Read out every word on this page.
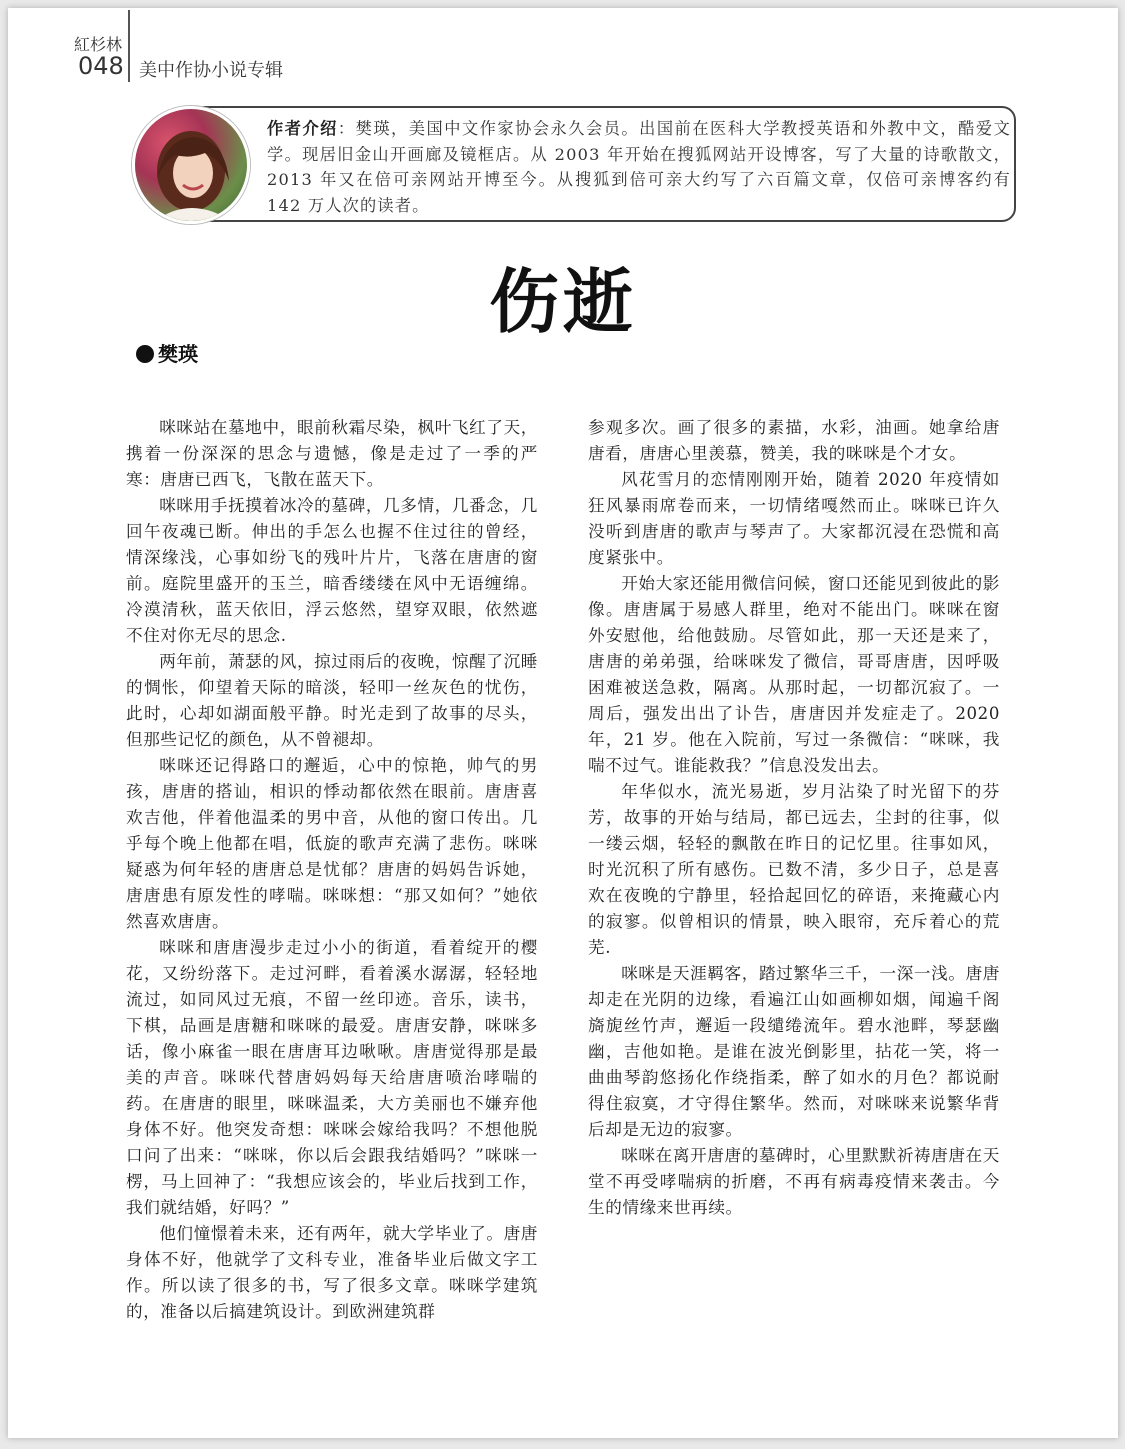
紅杉林
048 美中作协小说专辑
作者介绍：樊瑛，美国中文作家协会永久会员。出国前在医科大学教授英语和外教中文，酷爱文学。现居旧金山开画廊及镜框店。从 2003 年开始在搜狐网站开设博客，写了大量的诗歌散文，2013 年又在倍可亲网站开博至今。从搜狐到倍可亲大约写了六百篇文章，仅倍可亲博客约有 142 万人次的读者。
伤逝
樊瑛

咪咪站在墓地中，眼前秋霜尽染，枫叶飞红了天，携着一份深深的思念与遗憾，像是走过了一季的严寒：唐唐已西飞，飞散在蓝天下。

咪咪用手抚摸着冰冷的墓碑，几多情，几番念，几回午夜魂已断。伸出的手怎么也握不住过往的曾经，情深缘浅，心事如纷飞的残叶片片，飞落在唐唐的窗前。庭院里盛开的玉兰，暗香缕缕在风中无语缠绵。冷漠清秋，蓝天依旧，浮云悠然，望穿双眼，依然遮不住对你无尽的思念.

两年前，萧瑟的风，掠过雨后的夜晚，惊醒了沉睡的惆怅，仰望着天际的暗淡，轻叩一丝灰色的忧伤，此时，心却如湖面般平静。时光走到了故事的尽头，但那些记忆的颜色，从不曾褪却。

咪咪还记得路口的邂逅，心中的惊艳，帅气的男孩，唐唐的搭讪，相识的悸动都依然在眼前。唐唐喜欢吉他，伴着他温柔的男中音，从他的窗口传出。几乎每个晚上他都在唱，低旋的歌声充满了悲伤。咪咪疑惑为何年轻的唐唐总是忧郁？唐唐的妈妈告诉她，唐唐患有原发性的哮喘。咪咪想：“那又如何？”她依然喜欢唐唐。

咪咪和唐唐漫步走过小小的街道，看着绽开的樱花，又纷纷落下。走过河畔，看着溪水潺潺，轻轻地流过，如同风过无痕，不留一丝印迹。音乐，读书，下棋，品画是唐糖和咪咪的最爱。唐唐安静，咪咪多话，像小麻雀一眼在唐唐耳边啾啾。唐唐觉得那是最美的声音。咪咪代替唐妈妈每天给唐唐喷治哮喘的药。在唐唐的眼里，咪咪温柔，大方美丽也不嫌弃他身体不好。他突发奇想：咪咪会嫁给我吗？不想他脱口问了出来：“咪咪，你以后会跟我结婚吗？”咪咪一楞，马上回神了：“我想应该会的，毕业后找到工作，我们就结婚，好吗？”

他们憧憬着未来，还有两年，就大学毕业了。唐唐身体不好，他就学了文科专业，准备毕业后做文字工作。所以读了很多的书，写了很多文章。咪咪学建筑的，准备以后搞建筑设计。到欧洲建筑群

参观多次。画了很多的素描，水彩，油画。她拿给唐唐看，唐唐心里羡慕，赞美，我的咪咪是个才女。

风花雪月的恋情刚刚开始，随着 2020 年疫情如狂风暴雨席卷而来，一切情绪嘎然而止。咪咪已许久没听到唐唐的歌声与琴声了。大家都沉浸在恐慌和高度紧张中。

开始大家还能用微信问候，窗口还能见到彼此的影像。唐唐属于易感人群里，绝对不能出门。咪咪在窗外安慰他，给他鼓励。尽管如此，那一天还是来了，唐唐的弟弟强，给咪咪发了微信，哥哥唐唐，因呼吸困难被送急救，隔离。从那时起，一切都沉寂了。一周后，强发出出了讣告，唐唐因并发症走了。2020 年，21 岁。他在入院前，写过一条微信：“咪咪，我喘不过气。谁能救我？”信息没发出去。

年华似水，流光易逝，岁月沾染了时光留下的芬芳，故事的开始与结局，都已远去，尘封的往事，似一缕云烟，轻轻的飘散在昨日的记忆里。往事如风，时光沉积了所有感伤。已数不清，多少日子，总是喜欢在夜晚的宁静里，轻拾起回忆的碎语，来掩藏心内的寂寥。似曾相识的情景，映入眼帘，充斥着心的荒芜.

咪咪是天涯羁客，踏过繁华三千，一深一浅。唐唐却走在光阴的边缘，看遍江山如画柳如烟，闻遍千阁旖旎丝竹声，邂逅一段缱绻流年。碧水池畔，琴瑟幽幽，吉他如艳。是谁在波光倒影里，拈花一笑，将一曲曲琴韵悠扬化作绕指柔，醉了如水的月色？都说耐得住寂寞，才守得住繁华。然而，对咪咪来说繁华背后却是无边的寂寥。

咪咪在离开唐唐的墓碑时，心里默默祈祷唐唐在天堂不再受哮喘病的折磨，不再有病毒疫情来袭击。今生的情缘来世再续。
